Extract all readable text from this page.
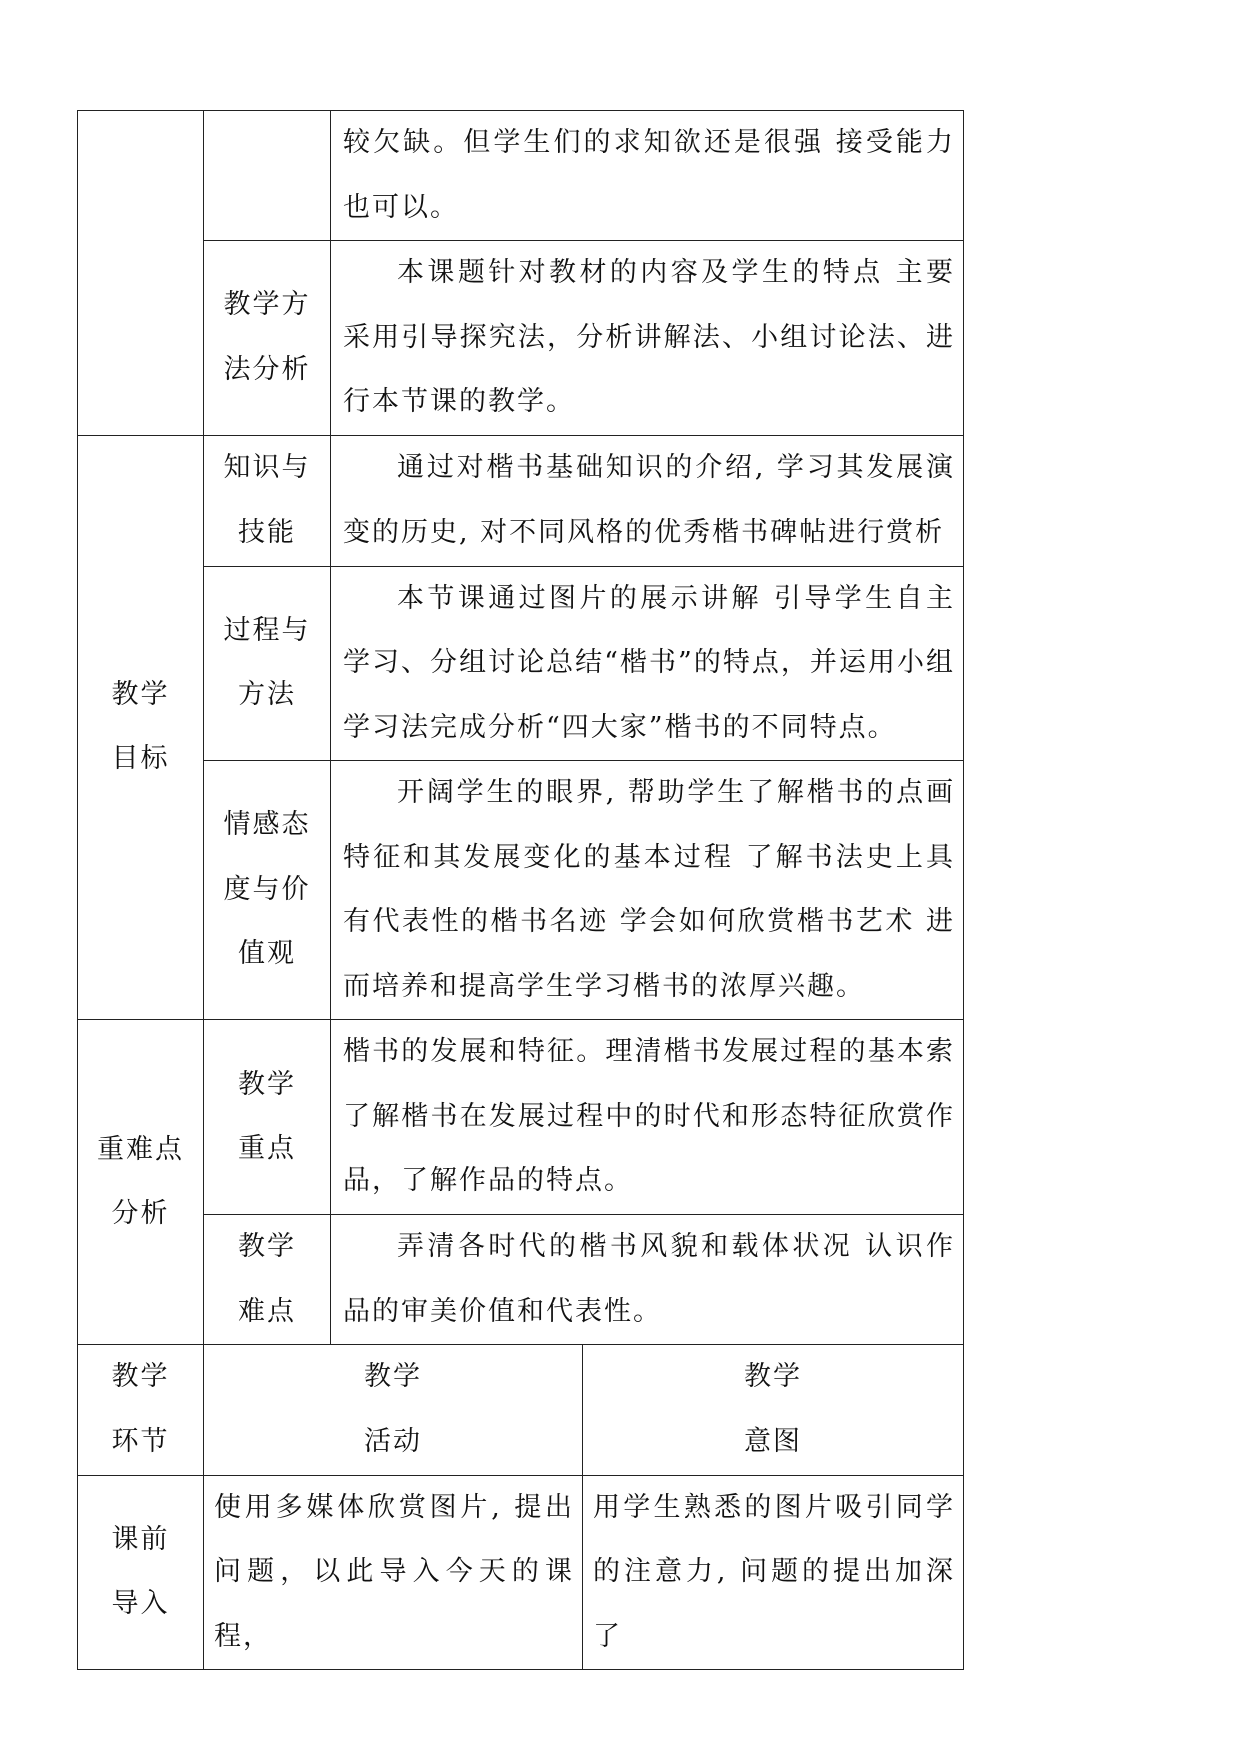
		较欠缺。但学生们的求知欲还是很强 接受能力也可以。

	教学方法分析	本课题针对教材的内容及学生的特点 主要采用引导探究法，分析讲解法、小组讨论法、进行本节课的教学。

教学目标	知识与技能	通过对楷书基础知识的介绍, 学习其发展演变的历史, 对不同风格的优秀楷书碑帖进行赏析

	过程与方法	本节课通过图片的展示讲解 引导学生自主学习、分组讨论总结“楷书”的特点，并运用小组学习法完成分析“四大家”楷书的不同特点。

	情感态度与价值观	开阔学生的眼界, 帮助学生了解楷书的点画特征和其发展变化的基本过程 了解书法史上具有代表性的楷书名迹 学会如何欣赏楷书艺术 进而培养和提高学生学习楷书的浓厚兴趣。

重难点分析	教学重点	楷书的发展和特征。理清楷书发展过程的基本索了解楷书在发展过程中的时代和形态特征欣赏作品，了解作品的特点。

	教学难点	弄清各时代的楷书风貌和载体状况 认识作品的审美价值和代表性。
教学环节	教学活动	教学意图

课前导入	使用多媒体欣赏图片, 提出问题，以此导入今天的课程，	用学生熟悉的图片吸引同学的注意力, 问题的提出加深了
